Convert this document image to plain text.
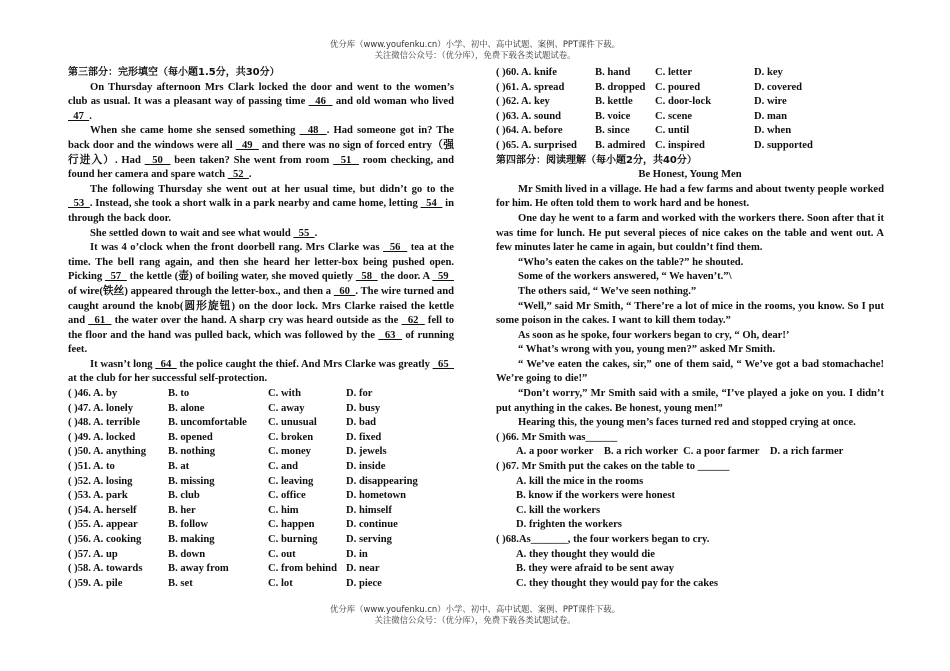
优分库（www.youfenku.cn）小学、初中、高中试题、案例、PPT课件下载。
关注微信公众号：（优分库），免费下载各类试题试卷。
第三部分：完形填空（每小题1.5分，共30分）

On Thursday afternoon Mrs Clark locked the door and went to the women’s club as usual. It was a pleasant way of passing time   46   and old woman who lived   47  .

When she came home she sensed something   48  . Had someone got in? The back door and the windows were all   49   and there was no sign of forced entry（强行进入）. Had   50   been taken? She went from room   51   room checking, and found her camera and spare watch   52  .

The following Thursday she went out at her usual time, but didn’t go to the   53  . Instead, she took a short walk in a park nearby and came home, letting   54   in through the back door.

She settled down to wait and see what would   55  .

It was 4 o’clock when the front doorbell rang. Mrs Clarke was   56   tea at the time. The bell rang again, and then she heard her letter-box being pushed open. Picking   57   the kettle (壶) of boiling water, she moved quietly   58   the door. A   59   of wire(铁丝) appeared through the letter-box., and then a   60  . The wire turned and caught around the knob(圆形旋钮) on the door lock. Mrs Clarke raised the kettle and   61   the water over the hand. A sharp cry was heard outside as the   62   fell to the floor and the hand was pulled back, which was followed by the   63   of running feet.

It wasn’t long   64   the police caught the thief. And Mrs Clarke was greatly   65   at the club for her successful self-protection.

( )46. A. by	B. to	C. with	D. for
( )47. A. lonely	B. alone	C. away	D. busy
( )48. A. terrible	B. uncomfortable	C. unusual	D. bad
( )49. A. locked	B. opened	C. broken	D. fixed
( )50. A. anything	B. nothing	C. money	D. jewels
( )51. A. to	B. at	C. and	D. inside
( )52. A. losing	B. missing	C. leaving	D. disappearing
( )53. A. park	B. club	C. office	D. hometown
( )54. A. herself	B. her	C. him	D. himself
( )55. A. appear	B. follow	C. happen	D. continue
( )56. A. cooking	B. making	C. burning	D. serving
( )57. A. up	B. down	C. out	D. in
( )58. A. towards	B. away from	C. from behind D. near
( )59. A. pile	B. set	C. lot	D. piece
( )60. A. knife	B. hand	C. letter	D. key
( )61. A. spread	B. dropped C. poured	D. covered
( )62. A. key	B. kettle	C. door-lock	D. wire
( )63. A. sound	B. voice	C. scene	D. man
( )64. A. before	B. since	C. until	D. when
( )65. A. surprised	B. admired C. inspired	D. supported
第四部分：阅读理解（每小题2分，共40分）
Be Honest, Young Men

Mr Smith lived in a village. He had a few farms and about twenty people worked for him. He often told them to work hard and be honest.

One day he went to a farm and worked with the workers there. Soon after that it was time for lunch. He put several pieces of nice cakes on the table and went out. A few minutes later he came in again, but couldn’t find them.

“Who’s eaten the cakes on the table?” he shouted.

Some of the workers answered, “ We haven’t.”\

The others said, “ We’ve seen nothing.”

“Well,” said Mr Smith, “ There’re a lot of mice in the rooms, you know. So I put some poison in the cakes. I want to kill them today.”

As soon as he spoke, four workers began to cry, “ Oh, dear!’

“ What’s wrong with you, young men?” asked Mr Smith.

“ We’ve eaten the cakes, sir,” one of them said, “ We’ve got a bad stomachache! We’re going to die!”

“Don’t worry,” Mr Smith said with a smile, “I’ve played a joke on you. I didn’t put anything in the cakes. Be honest, young men!”

Hearing this, the young men’s faces turned red and stopped crying at once.

( )66. Mr Smith was______
A. a poor worker    B. a rich worker  C. a poor farmer    D. a rich farmer
( )67. Mr Smith put the cakes on the table to ______
A. kill the mice in the rooms
B. know if the workers were honest
C. kill the workers
D. frighten the workers
( )68.As_______, the four workers began to cry.
A. they thought they would die
B. they were afraid to be sent away
C. they thought they would pay for the cakes
优分库（www.youfenku.cn）小学、初中、高中试题、案例、PPT课件下载。
关注微信公众号：（优分库），免费下载各类试题试卷。
